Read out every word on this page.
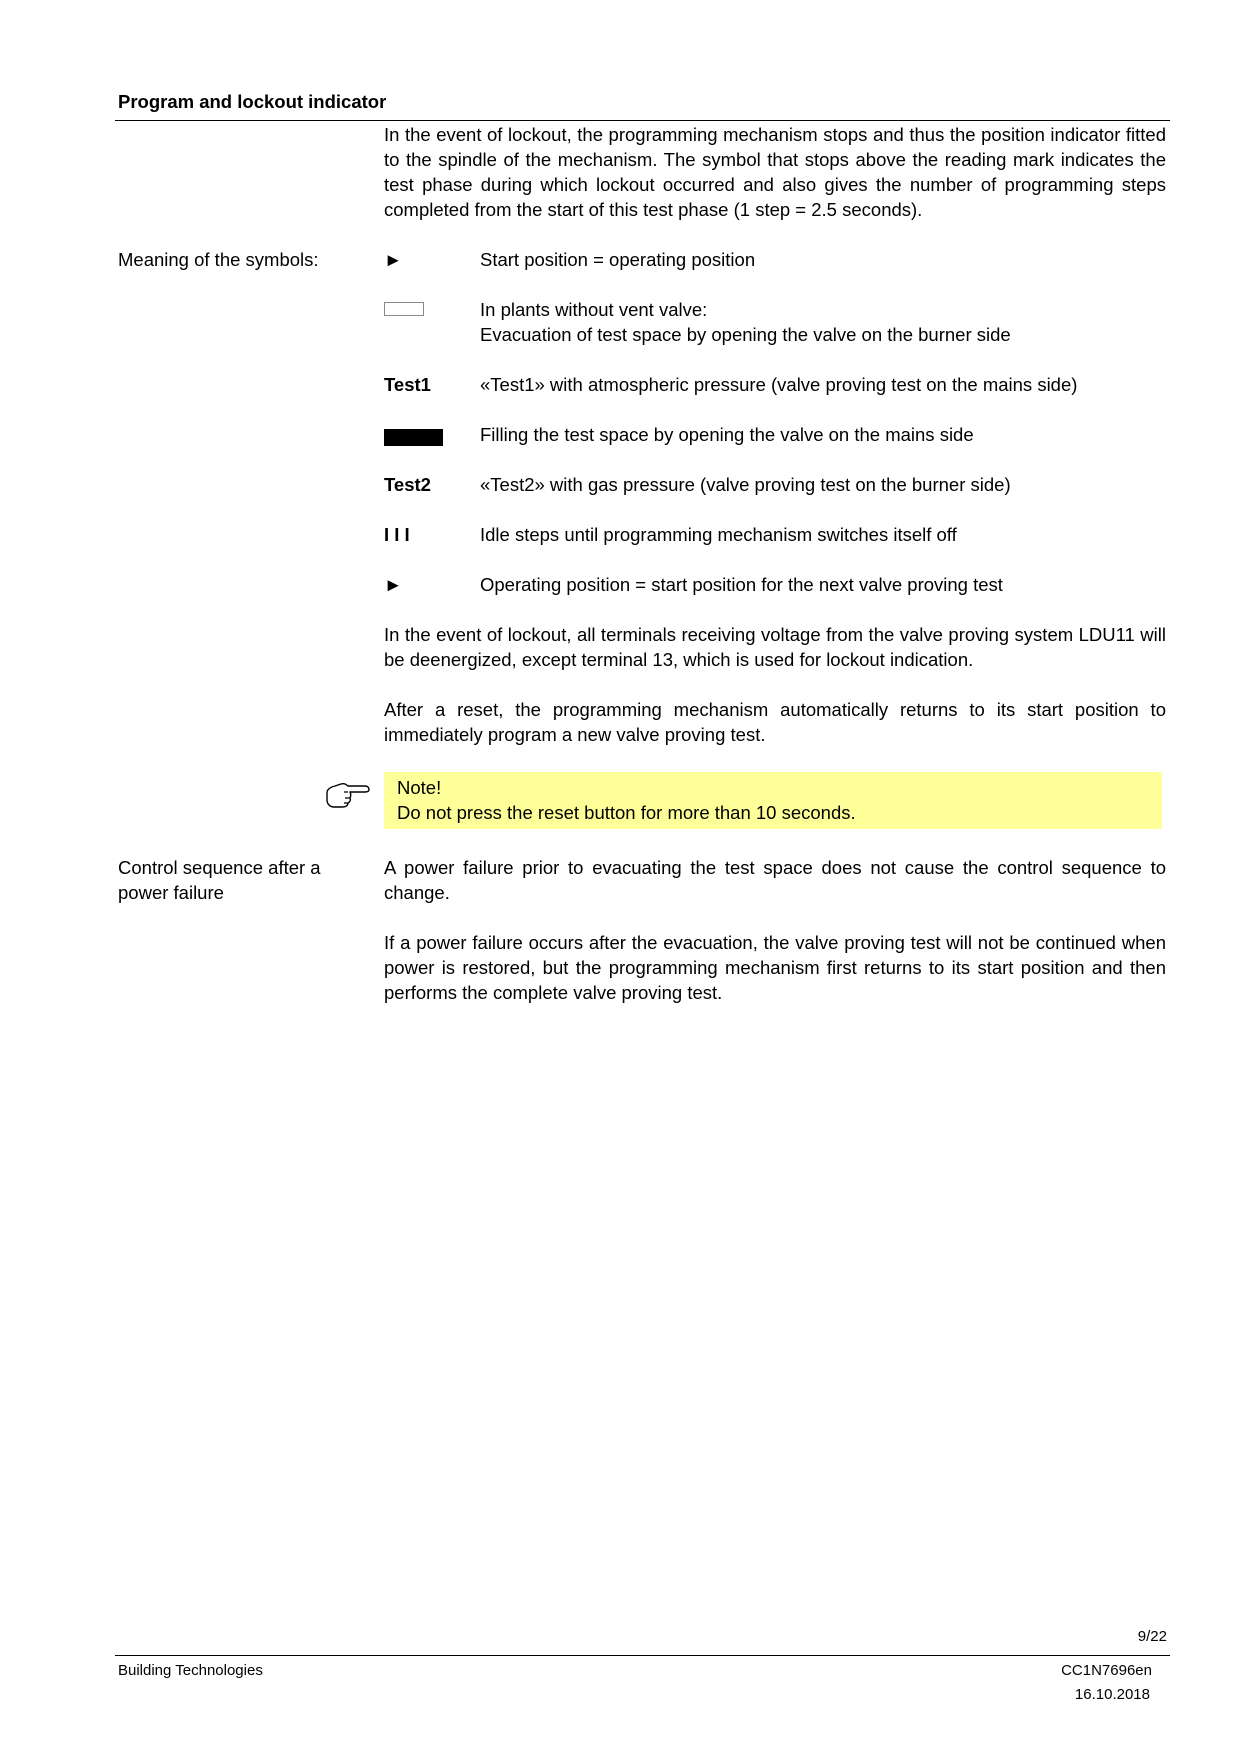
Program and lockout indicator
In the event of lockout, the programming mechanism stops and thus the position indicator fitted to the spindle of the mechanism. The symbol that stops above the reading mark indicates the test phase during which lockout occurred and also gives the number of programming steps completed from the start of this test phase (1 step = 2.5 seconds).
Meaning of the symbols:	►	Start position = operating position
In plants without vent valve:
Evacuation of test space by opening the valve on the burner side
Test1	«Test1» with atmospheric pressure (valve proving test on the mains side)
Filling the test space by opening the valve on the mains side
Test2	«Test2» with gas pressure (valve proving test on the burner side)
I I I	Idle steps until programming mechanism switches itself off
►	Operating position = start position for the next valve proving test
In the event of lockout, all terminals receiving voltage from the valve proving system LDU11 will be deenergized, except terminal 13, which is used for lockout indication.
After a reset, the programming mechanism automatically returns to its start position to immediately program a new valve proving test.
Note!
Do not press the reset button for more than 10 seconds.
Control sequence after a power failure
A power failure prior to evacuating the test space does not cause the control sequence to change.
If a power failure occurs after the evacuation, the valve proving test will not be continued when power is restored, but the programming mechanism first returns to its start position and then performs the complete valve proving test.
9/22
Building Technologies	CC1N7696en
16.10.2018
